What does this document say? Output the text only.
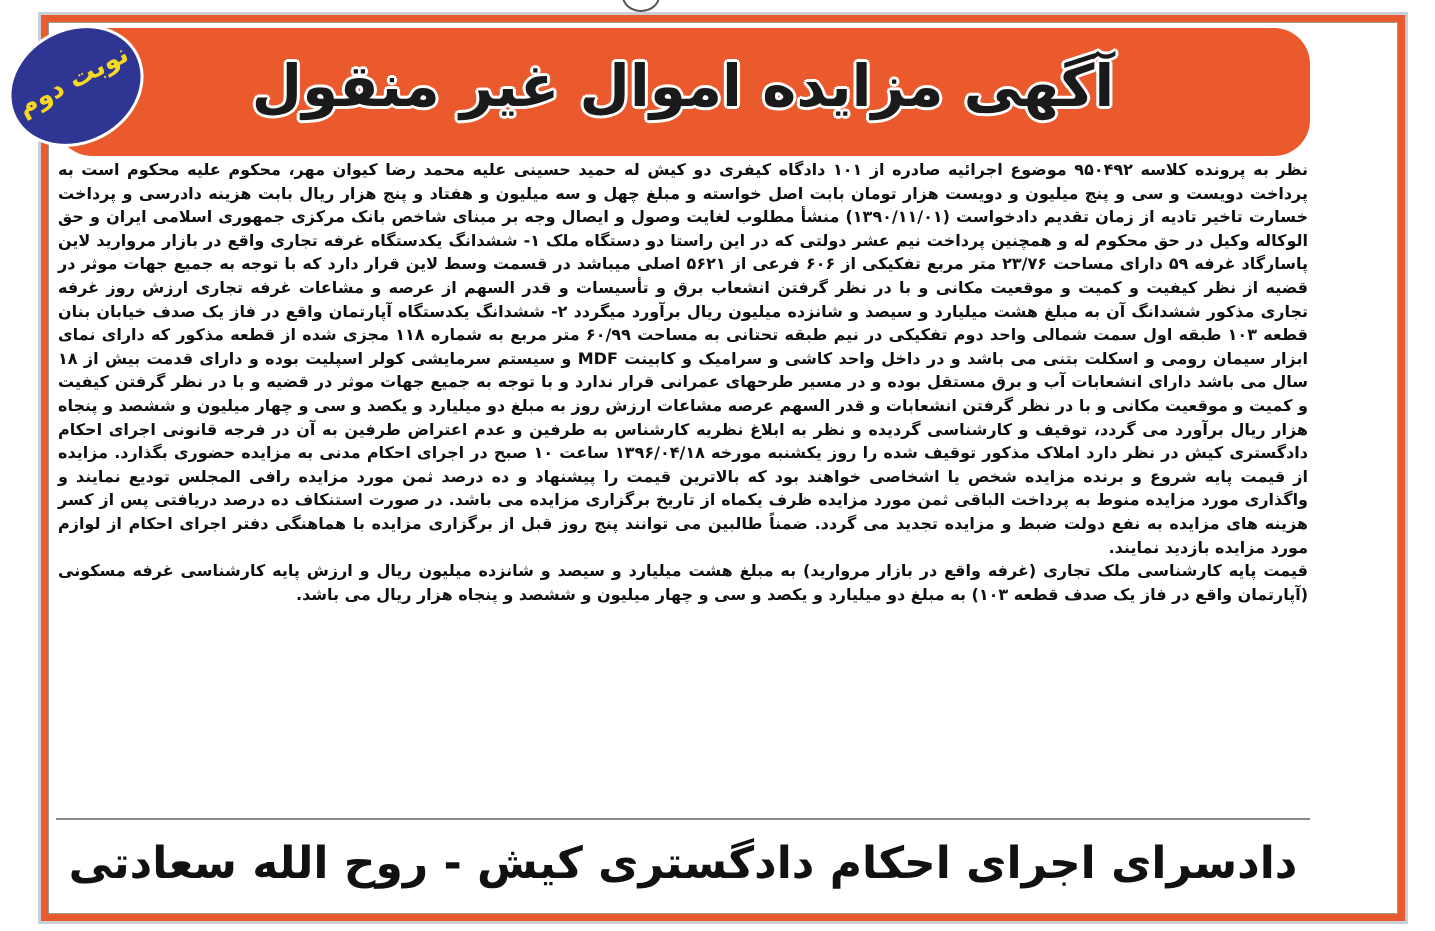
آگهی مزایده اموال غیر منقول
نوبت دوم

نظر به پرونده کلاسه ۹۵۰۴۹۲ موضوع اجرائیه صادره از ۱۰۱ دادگاه کیفری دو کیش له حمید حسینی علیه محمد رضا کیوان مهر، محکوم علیه محکوم است به پرداخت دویست و سی و پنج میلیون و دویست هزار تومان بابت اصل خواسته و مبلغ چهل و سه میلیون و هفتاد و پنج هزار ریال بابت هزینه دادرسی و پرداخت خسارت تاخیر تادیه از زمان تقدیم دادخواست (۱۳۹۰/۱۱/۰۱) منشأ مطلوب لغایت وصول و ایصال وجه بر مبنای شاخص بانک مرکزی جمهوری اسلامی ایران و حق الوکاله وکیل در حق محکوم له و همچنین پرداخت نیم عشر دولتی که در این راستا دو دستگاه ملک ۱- ششدانگ یکدستگاه غرفه تجاری واقع در بازار مروارید لاین پاسارگاد غرفه ۵۹ دارای مساحت ۲۳/۷۶ متر مربع تفکیکی از ۶۰۶ فرعی از ۵۶۲۱ اصلی میباشد در قسمت وسط لاین قرار دارد که با توجه به جمیع جهات موثر در قضیه از نظر کیفیت و کمیت و موقعیت مکانی و با در نظر گرفتن انشعاب برق و تأسیسات و قدر السهم از عرصه و مشاعات غرفه تجاری ارزش روز غرفه تجاری مذکور ششدانگ آن به مبلغ هشت میلیارد و سیصد و شانزده میلیون ریال برآورد میگردد ۲- ششدانگ یکدستگاه آپارتمان واقع در فاز یک صدف خیابان بنان قطعه ۱۰۳ طبقه اول سمت شمالی واحد دوم تفکیکی در نیم طبقه تحتانی به مساحت ۶۰/۹۹ متر مربع به شماره ۱۱۸ مجزی شده از قطعه مذکور که دارای نمای ابزار سیمان رومی و اسکلت بتنی می باشد و در داخل واحد کاشی و سرامیک و کابینت MDF و سیستم سرمایشی کولر اسپلیت بوده و دارای قدمت بیش از ۱۸ سال می باشد دارای انشعابات آب و برق مستقل بوده و در مسیر طرحهای عمرانی قرار ندارد و با توجه به جمیع جهات موثر در قضیه و با در نظر گرفتن کیفیت و کمیت و موقعیت مکانی و با در نظر گرفتن انشعابات و قدر السهم عرصه مشاعات ارزش روز به مبلغ دو میلیارد و یکصد و سی و چهار میلیون و ششصد و پنجاه هزار ریال برآورد می گردد، توقیف و کارشناسی گردیده و نظر به ابلاغ نظریه کارشناس به طرفین و عدم اعتراض طرفین به آن در فرجه قانونی اجرای احکام دادگستری کیش در نظر دارد املاک مذکور توقیف شده را روز یکشنبه مورخه ۱۳۹۶/۰۴/۱۸ ساعت ۱۰ صبح در اجرای احکام مدنی به مزایده حضوری بگذارد. مزایده از قیمت پایه شروع و برنده مزایده شخص یا اشخاصی خواهند بود که بالاترین قیمت را پیشنهاد و ده درصد ثمن مورد مزایده رافی المجلس تودیع نمایند و واگذاری مورد مزایده منوط به پرداخت الباقی ثمن مورد مزایده ظرف یکماه از تاریخ برگزاری مزایده می باشد. در صورت استنکاف ده درصد دریافتی پس از کسر هزینه های مزایده به نفع دولت ضبط و مزایده تجدید می گردد. ضمناً طالبین می توانند پنج روز قبل از برگزاری مزایده با هماهنگی دفتر اجرای احکام از لوازم مورد مزایده بازدید نمایند.

قیمت پایه کارشناسی ملک تجاری (غرفه واقع در بازار مروارید) به مبلغ هشت میلیارد و سیصد و شانزده میلیون ریال و ارزش پایه کارشناسی غرفه مسکونی (آپارتمان واقع در فاز یک صدف قطعه ۱۰۳) به مبلغ دو میلیارد و یکصد و سی و چهار میلیون و ششصد و پنجاه هزار ریال می باشد.

دادسرای اجرای احکام دادگستری کیش - روح الله سعادتی
